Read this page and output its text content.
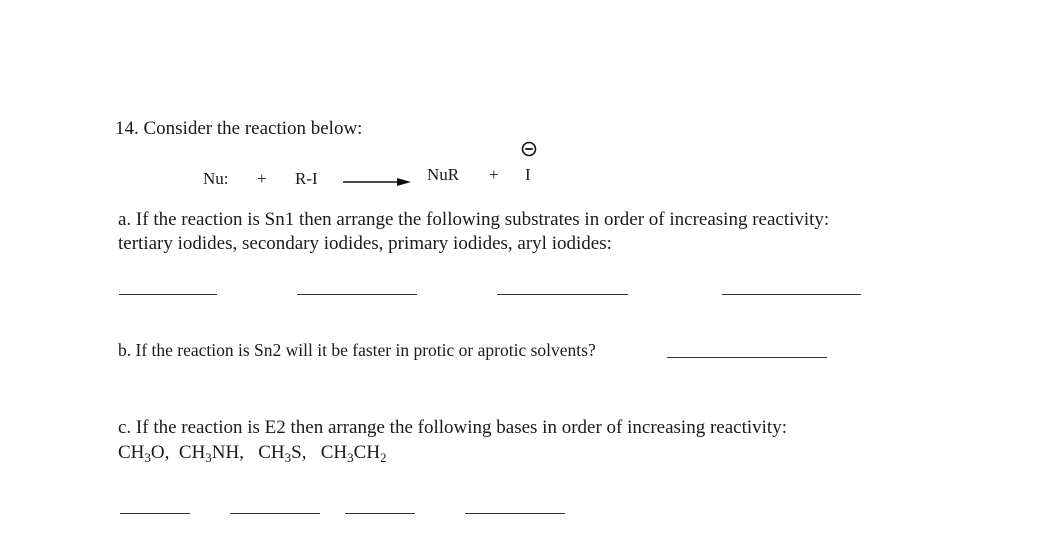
14. Consider the reaction below:
Nu: + R-I	NuR + I
a. If the reaction is Sn1 then arrange the following substrates in order of increasing reactivity:
tertiary iodides, secondary iodides, primary iodides, aryl iodides:
b. If the reaction is Sn2 will it be faster in protic or aprotic solvents?
c. If the reaction is E2 then arrange the following bases in order of increasing reactivity:
$CH_3O$, $CH_3NH$, $CH_3S$, $CH_3CH_2$
